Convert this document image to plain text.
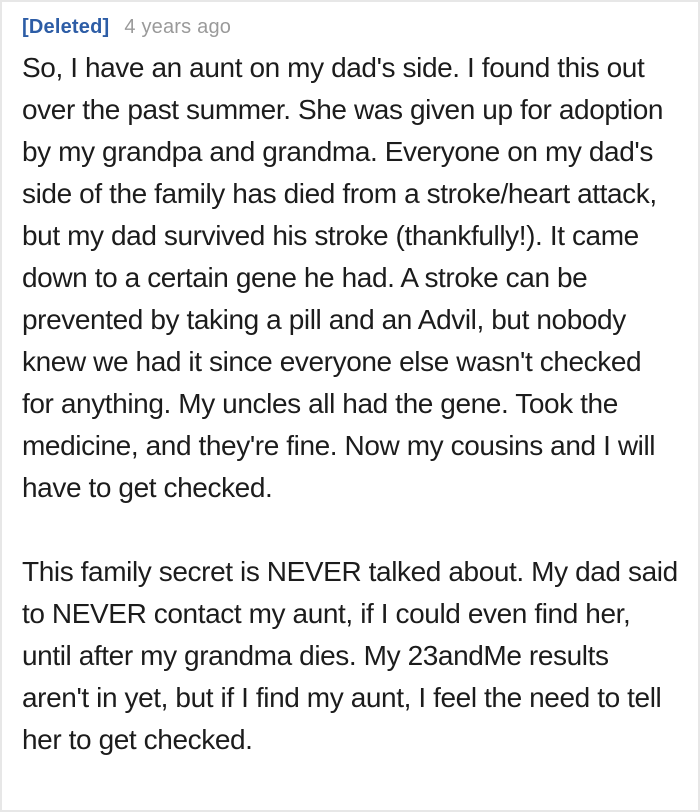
[Deleted] 4 years ago

So, I have an aunt on my dad's side. I found this out over the past summer. She was given up for adoption by my grandpa and grandma. Everyone on my dad's side of the family has died from a stroke/heart attack, but my dad survived his stroke (thankfully!). It came down to a certain gene he had. A stroke can be prevented by taking a pill and an Advil, but nobody knew we had it since everyone else wasn't checked for anything. My uncles all had the gene. Took the medicine, and they're fine. Now my cousins and I will have to get checked.

This family secret is NEVER talked about. My dad said to NEVER contact my aunt, if I could even find her, until after my grandma dies. My 23andMe results aren't in yet, but if I find my aunt, I feel the need to tell her to get checked.
